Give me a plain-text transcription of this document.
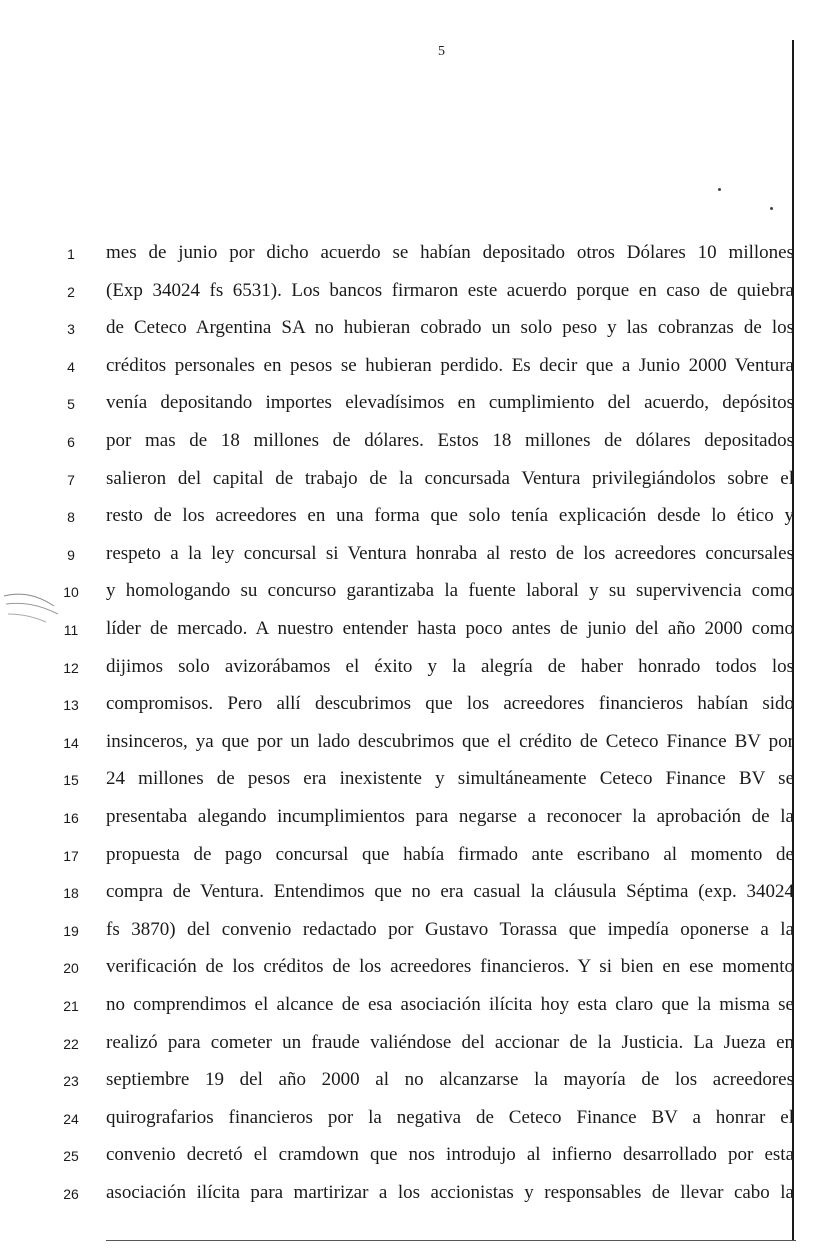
5
1	mes de junio por dicho acuerdo se habían depositado otros Dólares 10 millones
2	(Exp 34024 fs 6531). Los bancos firmaron este acuerdo porque en caso de quiebra
3	de Ceteco Argentina SA no hubieran cobrado un solo peso y las cobranzas de los
4	créditos personales en pesos se hubieran perdido. Es decir que a Junio 2000 Ventura
5	venía depositando importes elevadísimos en cumplimiento del acuerdo, depósitos
6	por mas de 18 millones de dólares. Estos 18 millones de dólares depositados
7	salieron del capital de trabajo de la concursada Ventura privilegiándolos sobre el
8	resto de los acreedores en una forma que solo tenía explicación desde lo ético y
9	respeto a la ley concursal si Ventura honraba al resto de los acreedores concursales
10	y homologando su concurso garantizaba la fuente laboral y su supervivencia como
11	líder de mercado. A nuestro entender hasta poco antes de junio del año 2000 como
12	dijimos solo avizorábamos el éxito y la alegría de haber honrado todos los
13	compromisos. Pero allí descubrimos que los acreedores financieros habían sido
14	insinceros, ya que por un lado descubrimos que el crédito de Ceteco Finance BV por
15	24 millones de pesos era inexistente y simultáneamente Ceteco Finance BV se
16	presentaba alegando incumplimientos para negarse a reconocer la aprobación de la
17	propuesta de pago concursal que había firmado ante escribano al momento de
18	compra de Ventura. Entendimos que no era casual la cláusula Séptima (exp. 34024
19	fs 3870) del convenio redactado por Gustavo Torassa que impedía oponerse a la
20	verificación de los créditos de los acreedores financieros. Y si bien en ese momento
21	no comprendimos el alcance de esa asociación ilícita hoy esta claro que la misma se
22	realizó para cometer un fraude valiéndose del accionar de la Justicia. La Jueza en
23	septiembre 19 del año 2000 al no alcanzarse la mayoría de los acreedores
24	quirografarios financieros por la negativa de Ceteco Finance BV a honrar el
25	convenio decretó el cramdown que nos introdujo al infierno desarrollado por esta
26	asociación ilícita para martirizar a los accionistas y responsables de llevar cabo la
